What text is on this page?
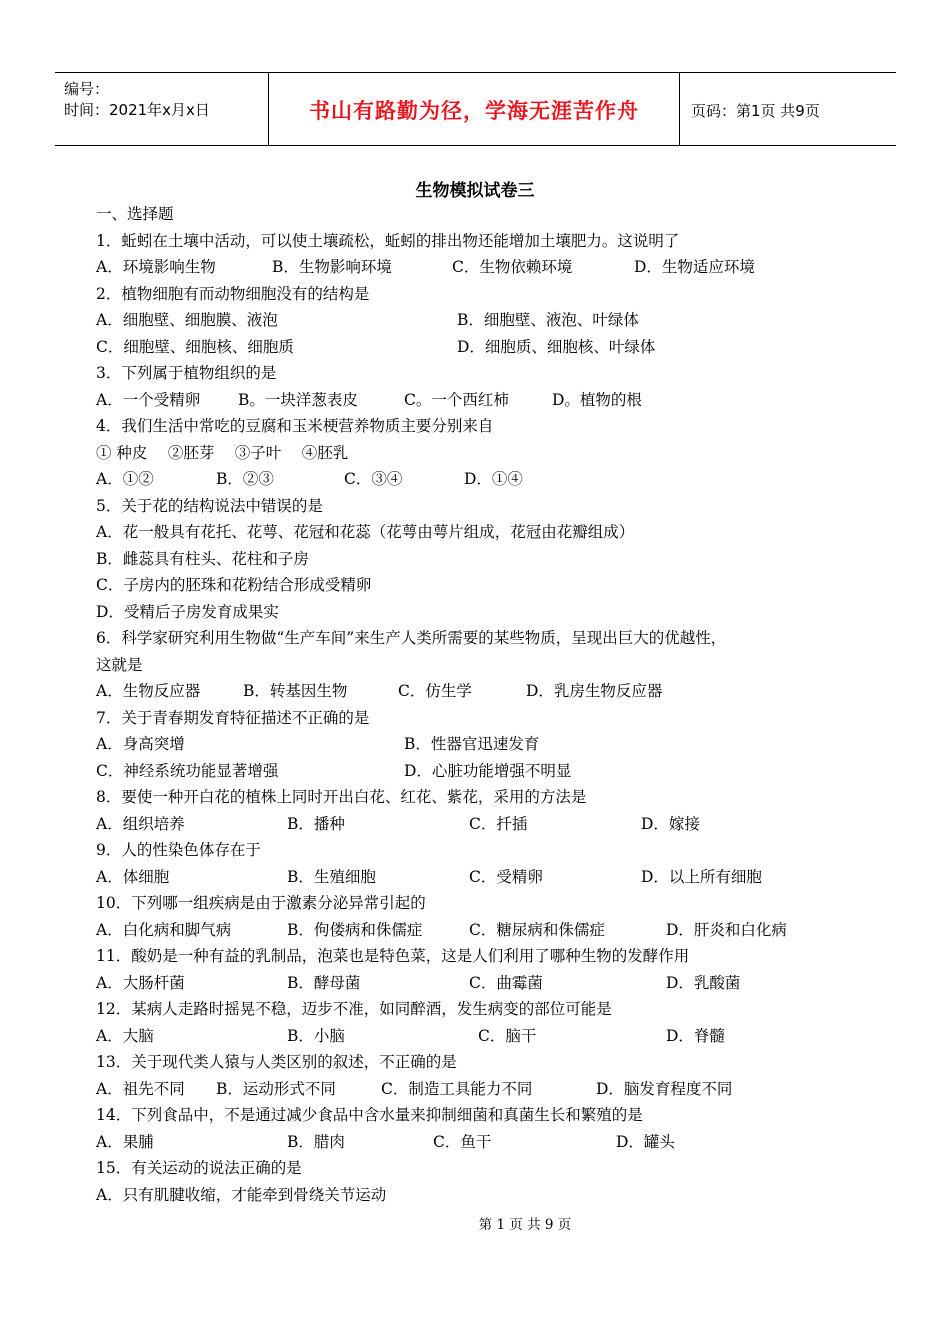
编号：
时间：2021年x月x日	书山有路勤为径，学海无涯苦作舟	页码：第1页 共9页
生物模拟试卷三
一、选择题
1．蚯蚓在土壤中活动，可以使土壤疏松，蚯蚓的排出物还能增加土壤肥力。这说明了
A．环境影响生物	B．生物影响环境	C．生物依赖环境	D．生物适应环境
2．植物细胞有而动物细胞没有的结构是
A．细胞壁、细胞膜、液泡	B．细胞壁、液泡、叶绿体
C．细胞壁、细胞核、细胞质	D．细胞质、细胞核、叶绿体
3．下列属于植物组织的是
A．一个受精卵 B。一块洋葱表皮	C。一个西红柿	D。植物的根
4．我们生活中常吃的豆腐和玉米梗营养物质主要分别来自
① 种皮　 ②胚芽　 ③子叶　 ④胚乳
A．①②	B．②③	C．③④	D．①④
5．关于花的结构说法中错误的是
A．花一般具有花托、花萼、花冠和花蕊（花萼由萼片组成，花冠由花瓣组成）
B．雌蕊具有柱头、花柱和子房
C．子房内的胚珠和花粉结合形成受精卵
D．受精后子房发育成果实
6．科学家研究利用生物做“生产车间”来生产人类所需要的某些物质，呈现出巨大的优越性，
这就是
A．生物反应器	B．转基因生物	C．仿生学	D．乳房生物反应器
7．关于青春期发育特征描述不正确的是
A．身高突增	B．性器官迅速发育
C．神经系统功能显著增强	D．心脏功能增强不明显
8．要使一种开白花的植株上同时开出白花、红花、紫花，采用的方法是
A．组织培养	B．播种	C．扦插	D．嫁接
9．人的性染色体存在于
A．体细胞	B．生殖细胞	C．受精卵	D．以上所有细胞
10．下列哪一组疾病是由于激素分泌异常引起的
A．白化病和脚气病	B．佝偻病和侏儒症	C．糖尿病和侏儒症	D．肝炎和白化病
11．酸奶是一种有益的乳制品，泡菜也是特色菜，这是人们利用了哪种生物的发酵作用
A．大肠杆菌	B．酵母菌	C．曲霉菌	D．乳酸菌
12．某病人走路时摇晃不稳，迈步不准，如同醉酒，发生病变的部位可能是
A．大脑	B．小脑	C．脑干	D．脊髓
13．关于现代类人猿与人类区别的叙述，不正确的是
A．祖先不同 B．运动形式不同	C．制造工具能力不同	D．脑发育程度不同
14．下列食品中，不是通过减少食品中含水量来抑制细菌和真菌生长和繁殖的是
A．果脯	B．腊肉	C．鱼干	D．罐头
15．有关运动的说法正确的是
A．只有肌腱收缩，才能牵到骨绕关节运动
第 1 页 共 9 页
